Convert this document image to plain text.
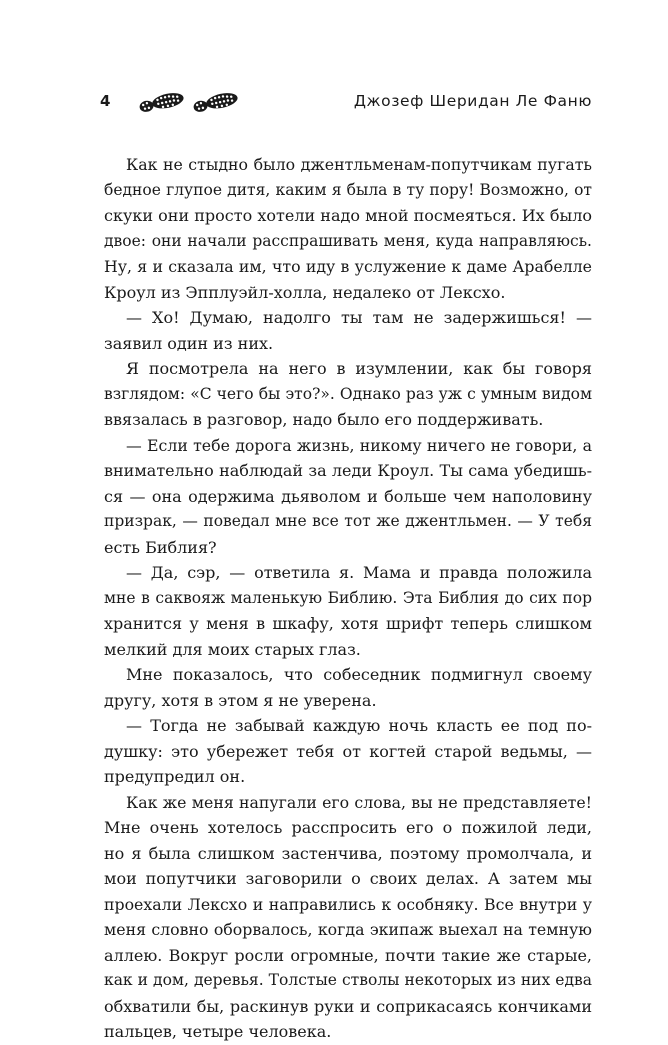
4	Джозеф Шеридан Ле Фаню
Как не стыдно было джентльменам-попутчикам пугать
бедное глупое дитя, каким я была в ту пору! Возможно, от
скуки они просто хотели надо мной посмеяться. Их было
двое: они начали расспрашивать меня, куда направляюсь.
Ну, я и сказала им, что иду в услужение к даме Арабелле
Кроул из Эпплуэйл-холла, недалеко от Лексхо.
— Хо! Думаю, надолго ты там не задержишься! —
заявил один из них.
Я посмотрела на него в изумлении, как бы говоря
взглядом: «С чего бы это?». Однако раз уж с умным видом
ввязалась в разговор, надо было его поддерживать.
— Если тебе дорога жизнь, никому ничего не говори, а
внимательно наблюдай за леди Кроул. Ты сама убедишь-
ся — она одержима дьяволом и больше чем наполовину
призрак, — поведал мне все тот же джентльмен. — У тебя
есть Библия?
— Да, сэр, — ответила я. Мама и правда положила
мне в саквояж маленькую Библию. Эта Библия до сих пор
хранится у меня в шкафу, хотя шрифт теперь слишком
мелкий для моих старых глаз.
Мне показалось, что собеседник подмигнул своему
другу, хотя в этом я не уверена.
— Тогда не забывай каждую ночь класть ее под по-
душку: это убережет тебя от когтей старой ведьмы, —
предупредил он.
Как же меня напугали его слова, вы не представляете!
Мне очень хотелось расспросить его о пожилой леди,
но я была слишком застенчива, поэтому промолчала, и
мои попутчики заговорили о своих делах. А затем мы
проехали Лексхо и направились к особняку. Все внутри у
меня словно оборвалось, когда экипаж выехал на темную
аллею. Вокруг росли огромные, почти такие же старые,
как и дом, деревья. Толстые стволы некоторых из них едва
обхватили бы, раскинув руки и соприкасаясь кончиками
пальцев, четыре человека.
